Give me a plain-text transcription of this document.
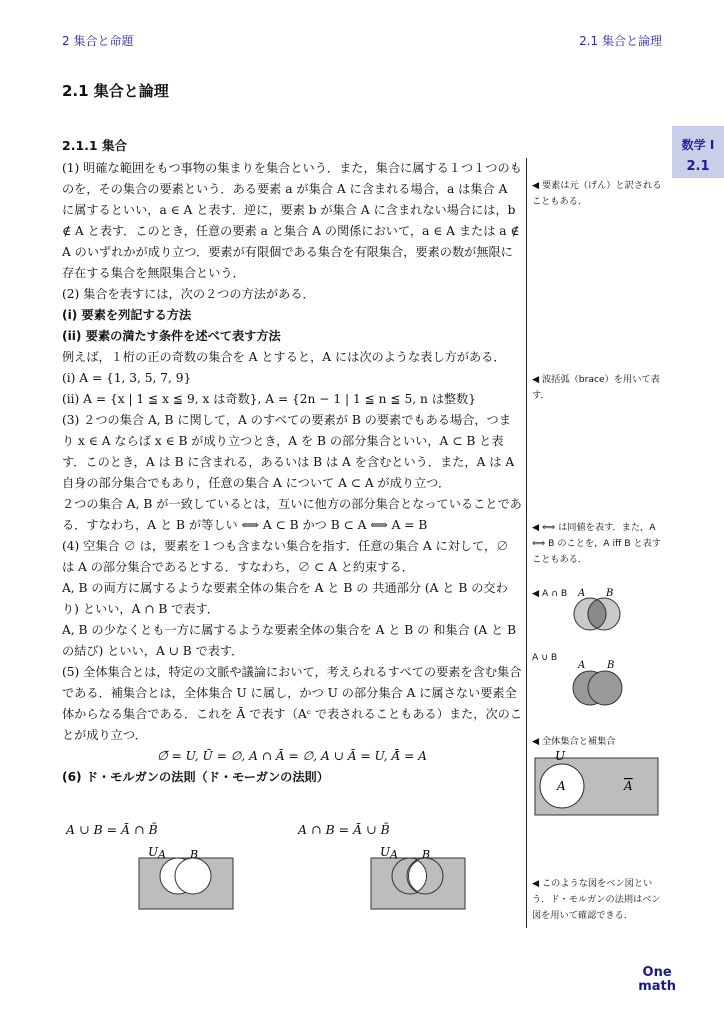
2 集合と命題	2.1 集合と論理
数学 I
2.1
2.1 集合と論理
2.1.1 集合

(1) 明確な範囲をもつ事物の集まりを集合という．また，集合に属する１つ１つのものを，その集合の要素という．ある要素 a が集合 A に含まれる場合，a は集合 A に属するといい，a ∈ A と表す．逆に，要素 b が集合 A に含まれない場合には，b ∉ A と表す．このとき，任意の要素 a と集合 A の関係において，a ∈ A または a ∉ A のいずれかが成り立つ．要素が有限個である集合を有限集合，要素の数が無限に存在する集合を無限集合という．

(2) 集合を表すには，次の２つの方法がある．

(i) 要素を列記する方法

(ii) 要素の満たす条件を述べて表す方法

例えば，１桁の正の奇数の集合を A とすると，A には次のような表し方がある．

(i) A = {1, 3, 5, 7, 9}

(ii) A = {x | 1 ≦ x ≦ 9, x は奇数}, A = {2n − 1 | 1 ≦ n ≦ 5, n は整数}

(3) ２つの集合 A, B に関して，A のすべての要素が B の要素でもある場合，つまり x ∈ A ならば x ∈ B が成り立つとき，A を B の部分集合といい，A ⊂ B と表す．このとき，A は B に含まれる，あるいは B は A を含むという．また，A は A 自身の部分集合でもあり，任意の集合 A について A ⊂ A が成り立つ．

２つの集合 A, B が一致しているとは，互いに他方の部分集合となっていることである．すなわち，A と B が等しい ⟺ A ⊂ B かつ B ⊂ A ⟺ A = B

(4) 空集合 ∅ は，要素を１つも含まない集合を指す．任意の集合 A に対して，∅ は A の部分集合であるとする．すなわち，∅ ⊂ A と約束する．

A, B の両方に属するような要素全体の集合を A と B の 共通部分 (A と B の交わり) といい，A ∩ B で表す．

A, B の少なくとも一方に属するような要素全体の集合を A と B の 和集合 (A と B の結び) といい，A ∪ B で表す．

(5) 全体集合とは，特定の文脈や議論において，考えられるすべての要素を含む集合である．補集合とは，全体集合 U に属し，かつ U の部分集合 A に属さない要素全体からなる集合である．これを Ā で表す（Aᶜ で表されることもある）また，次のことが成り立つ．

∅̄ = U, Ū = ∅, A ∩ Ā = ∅, A ∪ Ā = U, Ā̄ = A

(6) ド・モルガンの法則（ド・モーガンの法則）

A ∪ B = Ā ∩ B̄	A ∩ B = Ā ∪ B̄
U A B	U A B
◀ 要素は元（げん）と訳されることもある．
◀ 波括弧（brace）を用いて表す．
◀ ⟺ は同値を表す．また，A ⟺ B のことを，A iff B と表すこともある．
◀ A ∩ B
A ∪ B
◀ 全体集合と補集合
◀ このような図をベン図という．ド・モルガンの法則はベン図を用いて確認できる．
A B
A B
U
A	A
One
math
